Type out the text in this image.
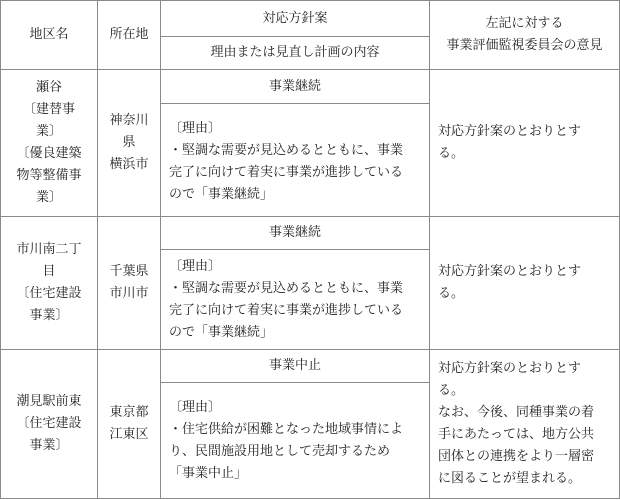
地区名	所在地
対応方針案
理由または見直し計画の内容
左記に対する
事業評価監視委員会の意見
瀬谷
〔建替事
業〕
〔優良建築
物等整備事
業〕
神奈川
県
横浜市
事業継続
〔理由〕
・堅調な需要が見込めるとともに、事業
完了に向けて着実に事業が進捗している
ので「事業継続」
対応方針案のとおりとす
る。
市川南二丁
目
〔住宅建設
事業〕
千葉県
市川市
事業継続
〔理由〕
・堅調な需要が見込めるとともに、事業
完了に向けて着実に事業が進捗している
ので「事業継続」
対応方針案のとおりとす
る。
潮見駅前東
〔住宅建設
事業〕
東京都
江東区
事業中止
〔理由〕
・住宅供給が困難となった地域事情によ
り、民間施設用地として売却するため
「事業中止」
対応方針案のとおりとす
る。
なお、今後、同種事業の着
手にあたっては、地方公共
団体との連携をより一層密
に図ることが望まれる。
